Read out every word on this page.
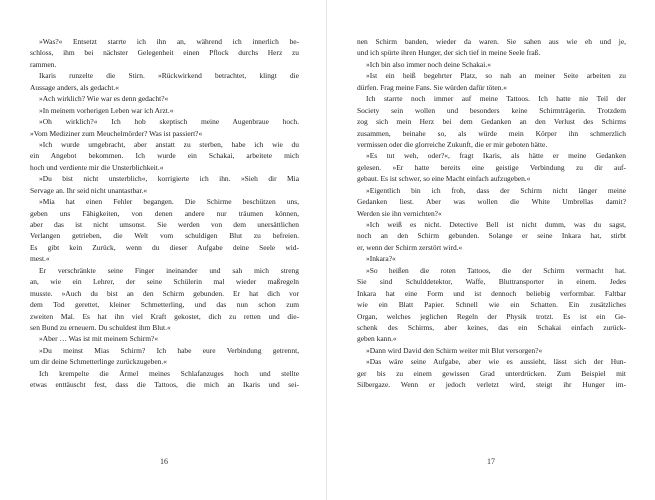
»Was?« Entsetzt starrte ich ihn an, während ich innerlich be-
schloss, ihm bei nächster Gelegenheit einen Pflock durchs Herz zu
rammen.
Ikaris runzelte die Stirn. »Rückwirkend betrachtet, klingt die
Aussage anders, als gedacht.«
»Ach wirklich? Wie war es denn gedacht?«
»In meinem vorherigen Leben war ich Arzt.«
»Oh wirklich?« Ich hob skeptisch meine Augenbraue hoch.
»Vom Mediziner zum Meuchelmörder? Was ist passiert?«
»Ich wurde umgebracht, aber anstatt zu sterben, habe ich wie du
ein Angebot bekommen. Ich wurde ein Schakai, arbeitete mich
hoch und verdiente mir die Unsterblichkeit.«
»Du bist nicht unsterblich«, korrigierte ich ihn. »Sieh dir Mia
Servage an. Ihr seid nicht unantastbar.«
»Mia hat einen Fehler begangen. Die Schirme beschützen uns,
geben uns Fähigkeiten, von denen andere nur träumen können,
aber das ist nicht umsonst. Sie werden von dem unersättlichen
Verlangen getrieben, die Welt vom schuldigen Blut zu befreien.
Es gibt kein Zurück, wenn du dieser Aufgabe deine Seele wid-
mest.«
Er verschränkte seine Finger ineinander und sah mich streng
an, wie ein Lehrer, der seine Schülerin mal wieder maßregeln
musste. »Auch du bist an den Schirm gebunden. Er hat dich vor
dem Tod gerettet, kleiner Schmetterling, und das nun schon zum
zweiten Mal. Es hat ihn viel Kraft gekostet, dich zu retten und die-
sen Bund zu erneuern. Du schuldest ihm Blut.«
»Aber … Was ist mit meinem Schirm?«
»Du meinst Mias Schirm? Ich habe eure Verbindung getrennt,
um dir deine Schmetterlinge zurückzugeben.«
Ich krempelte die Ärmel meines Schlafanzuges hoch und stellte
etwas enttäuscht fest, dass die Tattoos, die mich an Ikaris und sei-
16
nen Schirm banden, wieder da waren. Sie sahen aus wie eh und je,
und ich spürte ihren Hunger, der sich tief in meine Seele fraß.
»Ich bin also immer noch deine Schakai.«
»Ist ein heiß begehrter Platz, so nah an meiner Seite arbeiten zu
dürfen. Frag meine Fans. Sie würden dafür töten.«
Ich starrte noch immer auf meine Tattoos. Ich hatte nie Teil der
Society sein wollen und besonders keine Schirmträgerin. Trotzdem
zog sich mein Herz bei dem Gedanken an den Verlust des Schirms
zusammen, beinahe so, als würde mein Körper ihn schmerzlich
vermissen oder die glorreiche Zukunft, die er mir geboten hätte.
»Es tut weh, oder?«, fragt Ikaris, als hätte er meine Gedanken
gelesen. »Er hatte bereits eine geistige Verbindung zu dir auf-
gebaut. Es ist schwer, so eine Macht einfach aufzugeben.«
»Eigentlich bin ich froh, dass der Schirm nicht länger meine
Gedanken liest. Aber was wollen die White Umbrellas damit?
Werden sie ihn vernichten?«
»Ich weiß es nicht. Detective Bell ist nicht dumm, was du sagst,
noch an den Schirm gebunden. Solange er seine Inkara hat, stirbt
er, wenn der Schirm zerstört wird.«
»Inkara?«
»So heißen die roten Tattoos, die der Schirm vermacht hat.
Sie sind Schulddetektor, Waffe, Bluttransporter in einem. Jedes
Inkara hat eine Form und ist dennoch beliebig verformbar. Faltbar
wie ein Blatt Papier. Schnell wie ein Schatten. Ein zusätzliches
Organ, welches jeglichen Regeln der Physik trotzt. Es ist ein Ge-
schenk des Schirms, aber keines, das ein Schakai einfach zurück-
geben kann.«
»Dann wird David den Schirm weiter mit Blut versorgen?«
»Das wäre seine Aufgabe, aber wie es aussieht, lässt sich der Hun-
ger bis zu einem gewissen Grad unterdrücken. Zum Beispiel mit
Silbergaze. Wenn er jedoch verletzt wird, steigt ihr Hunger im-
17
